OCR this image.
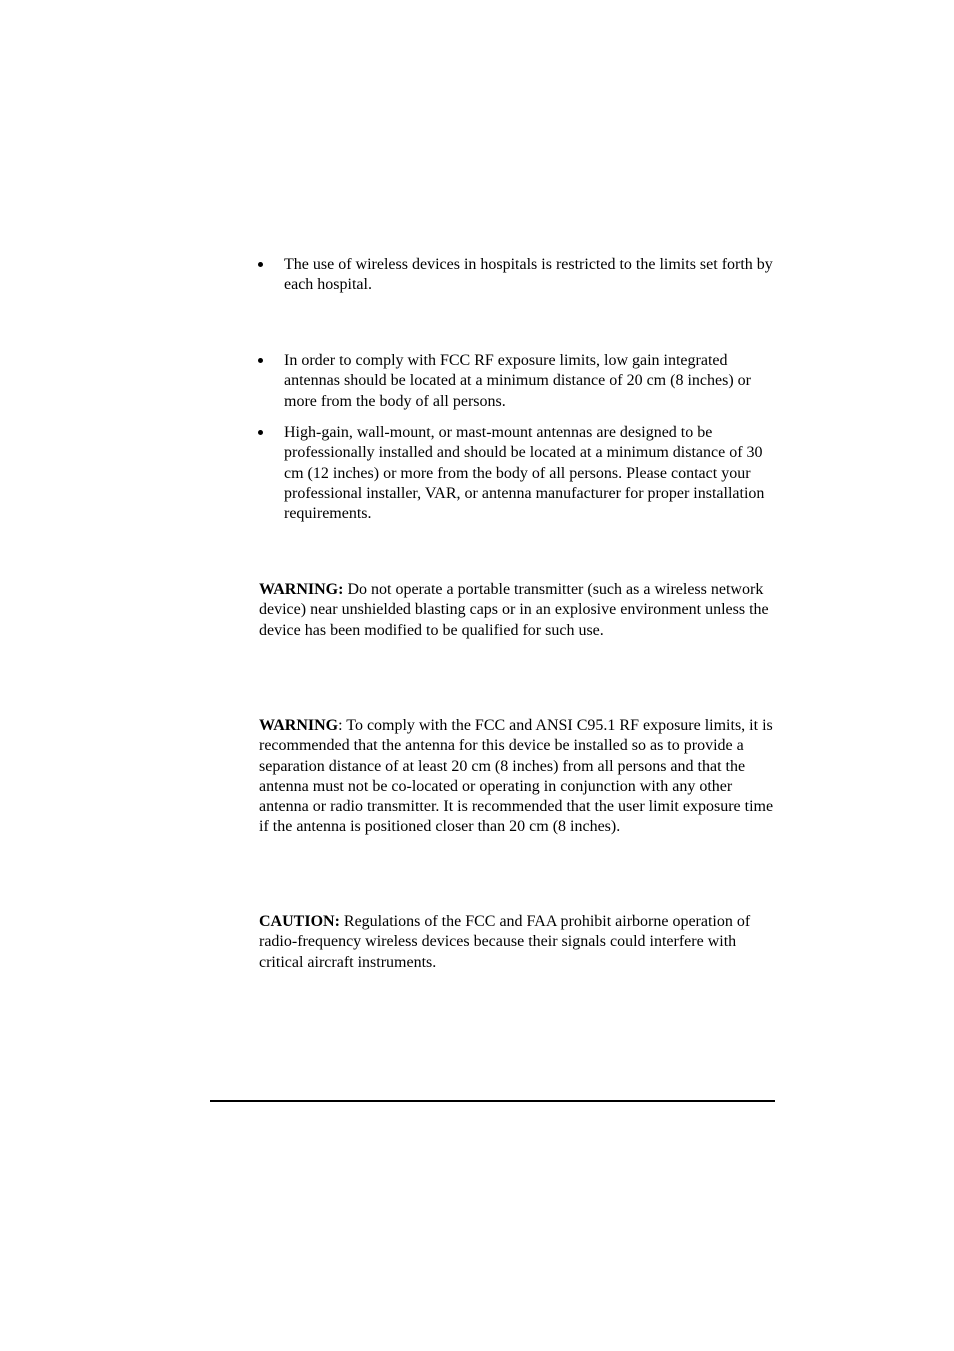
The use of wireless devices in hospitals is restricted to the limits set forth by each hospital.
In order to comply with FCC RF exposure limits, low gain integrated antennas should be located at a minimum distance of 20 cm (8 inches) or more from the body of all persons.
High-gain, wall-mount, or mast-mount antennas are designed to be professionally installed and should be located at a minimum distance of 30 cm (12 inches) or more from the body of all persons. Please contact your professional installer, VAR, or antenna manufacturer for proper installation requirements.
WARNING: Do not operate a portable transmitter (such as a wireless network device) near unshielded blasting caps or in an explosive environment unless the device has been modified to be qualified for such use.
WARNING: To comply with the FCC and ANSI C95.1 RF exposure limits, it is recommended that the antenna for this device be installed so as to provide a separation distance of at least 20 cm (8 inches) from all persons and that the antenna must not be co-located or operating in conjunction with any other antenna or radio transmitter. It is recommended that the user limit exposure time if the antenna is positioned closer than 20 cm (8 inches).
CAUTION: Regulations of the FCC and FAA prohibit airborne operation of radio-frequency wireless devices because their signals could interfere with critical aircraft instruments.
